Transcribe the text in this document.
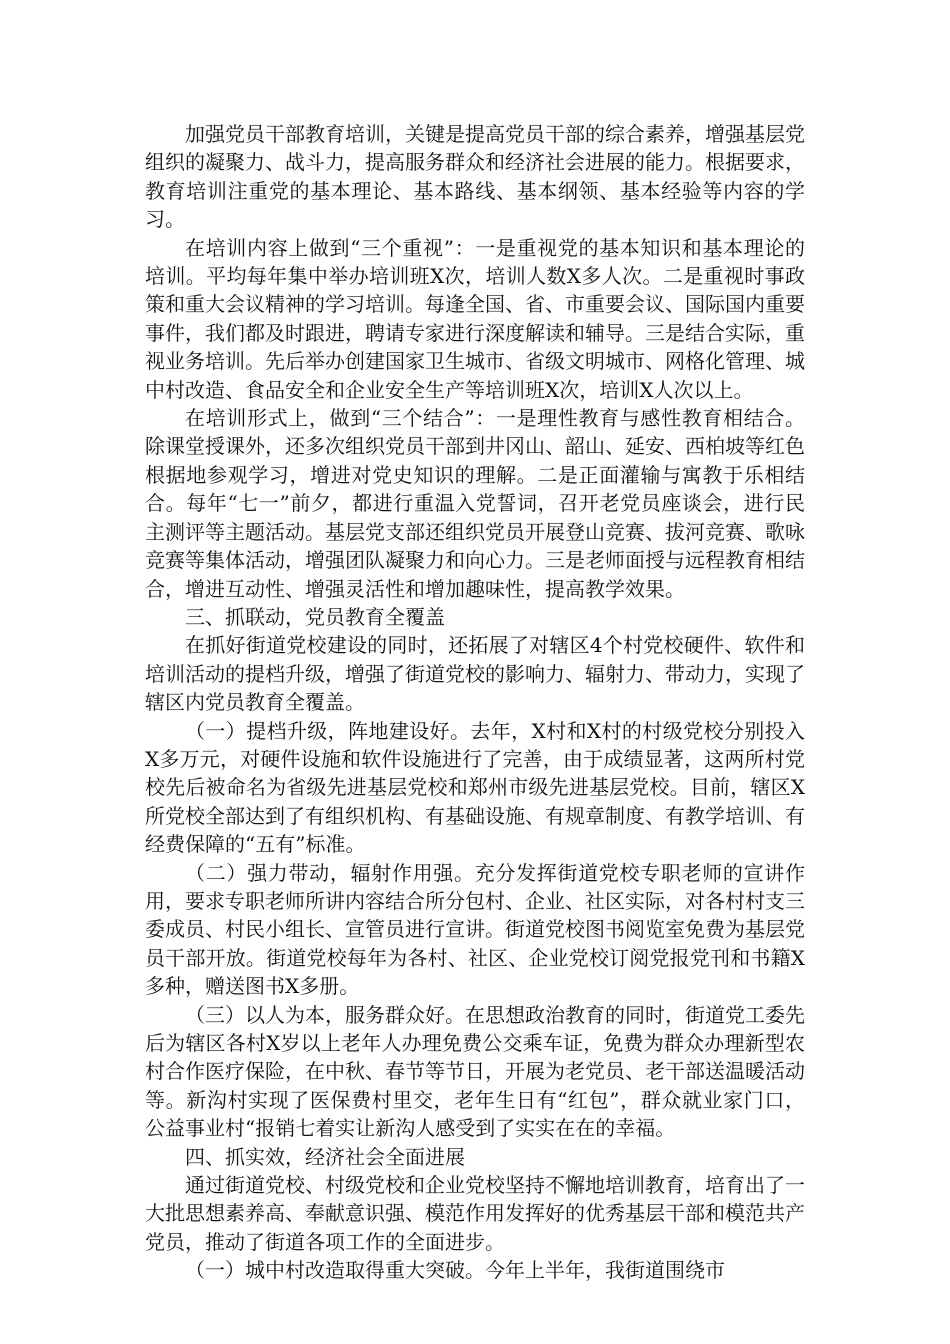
加强党员干部教育培训，关键是提高党员干部的综合素养，增强基层党组织的凝聚力、战斗力，提高服务群众和经济社会进展的能力。根据要求，教育培训注重党的基本理论、基本路线、基本纲领、基本经验等内容的学习。

在培训内容上做到“三个重视”：一是重视党的基本知识和基本理论的培训。平均每年集中举办培训班X次，培训人数X多人次。二是重视时事政策和重大会议精神的学习培训。每逢全国、省、市重要会议、国际国内重要事件，我们都及时跟进，聘请专家进行深度解读和辅导。三是结合实际，重视业务培训。先后举办创建国家卫生城市、省级文明城市、网格化管理、城中村改造、食品安全和企业安全生产等培训班X次，培训X人次以上。

在培训形式上，做到“三个结合”：一是理性教育与感性教育相结合。除课堂授课外，还多次组织党员干部到井冈山、韶山、延安、西柏坡等红色根据地参观学习，增进对党史知识的理解。二是正面灌输与寓教于乐相结合。每年“七一”前夕，都进行重温入党誓词，召开老党员座谈会，进行民主测评等主题活动。基层党支部还组织党员开展登山竞赛、拔河竞赛、歌咏竞赛等集体活动，增强团队凝聚力和向心力。三是老师面授与远程教育相结合，增进互动性、增强灵活性和增加趣味性，提高教学效果。

三、抓联动，党员教育全覆盖

在抓好街道党校建设的同时，还拓展了对辖区4个村党校硬件、软件和培训活动的提档升级，增强了街道党校的影响力、辐射力、带动力，实现了辖区内党员教育全覆盖。

（一）提档升级，阵地建设好。去年，X村和X村的村级党校分别投入X多万元，对硬件设施和软件设施进行了完善，由于成绩显著，这两所村党校先后被命名为省级先进基层党校和郑州市级先进基层党校。目前，辖区X所党校全部达到了有组织机构、有基础设施、有规章制度、有教学培训、有经费保障的“五有”标准。

（二）强力带动，辐射作用强。充分发挥街道党校专职老师的宣讲作用，要求专职老师所讲内容结合所分包村、企业、社区实际，对各村村支三委成员、村民小组长、宣管员进行宣讲。街道党校图书阅览室免费为基层党员干部开放。街道党校每年为各村、社区、企业党校订阅党报党刊和书籍X多种，赠送图书X多册。

（三）以人为本，服务群众好。在思想政治教育的同时，街道党工委先后为辖区各村X岁以上老年人办理免费公交乘车证，免费为群众办理新型农村合作医疗保险，在中秋、春节等节日，开展为老党员、老干部送温暖活动等。新沟村实现了医保费村里交，老年生日有“红包”，群众就业家门口，公益事业村“报销七着实让新沟人感受到了实实在在的幸福。

四、抓实效，经济社会全面进展

通过街道党校、村级党校和企业党校坚持不懈地培训教育，培育出了一大批思想素养高、奉献意识强、模范作用发挥好的优秀基层干部和模范共产党员，推动了街道各项工作的全面进步。

（一）城中村改造取得重大突破。今年上半年，我街道围绕市
